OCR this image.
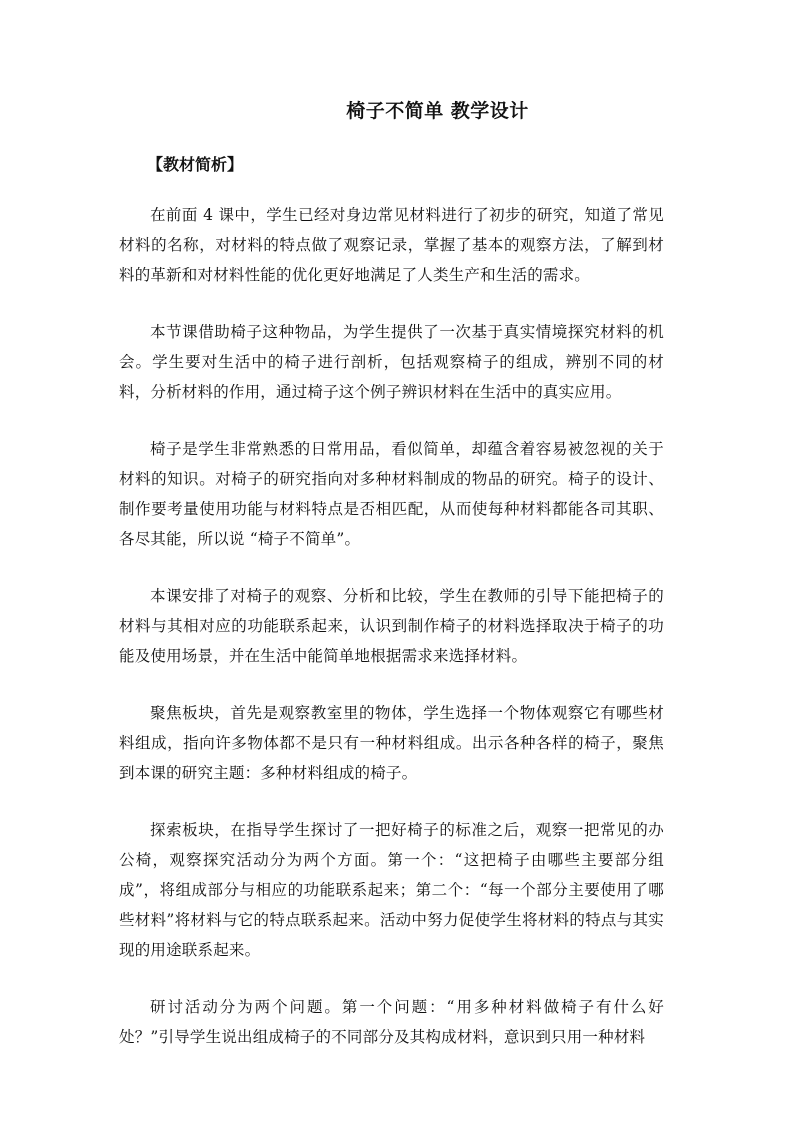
椅子不简单 教学设计
【教材简析】

在前面 4 课中，学生已经对身边常见材料进行了初步的研究，知道了常见材料的名称，对材料的特点做了观察记录，掌握了基本的观察方法，了解到材料的革新和对材料性能的优化更好地满足了人类生产和生活的需求。

本节课借助椅子这种物品，为学生提供了一次基于真实情境探究材料的机会。学生要对生活中的椅子进行剖析，包括观察椅子的组成，辨别不同的材料，分析材料的作用，通过椅子这个例子辨识材料在生活中的真实应用。

椅子是学生非常熟悉的日常用品，看似简单，却蕴含着容易被忽视的关于材料的知识。对椅子的研究指向对多种材料制成的物品的研究。椅子的设计、制作要考量使用功能与材料特点是否相匹配，从而使每种材料都能各司其职、各尽其能，所以说 “椅子不简单”。

本课安排了对椅子的观察、分析和比较，学生在教师的引导下能把椅子的材料与其相对应的功能联系起来，认识到制作椅子的材料选择取决于椅子的功能及使用场景，并在生活中能简单地根据需求来选择材料。

聚焦板块，首先是观察教室里的物体，学生选择一个物体观察它有哪些材料组成，指向许多物体都不是只有一种材料组成。出示各种各样的椅子，聚焦到本课的研究主题：多种材料组成的椅子。

探索板块，在指导学生探讨了一把好椅子的标准之后，观察一把常见的办公椅，观察探究活动分为两个方面。第一个：“这把椅子由哪些主要部分组成”，将组成部分与相应的功能联系起来；第二个：“每一个部分主要使用了哪些材料”将材料与它的特点联系起来。活动中努力促使学生将材料的特点与其实现的用途联系起来。

研讨活动分为两个问题。第一个问题：“用多种材料做椅子有什么好处？”引导学生说出组成椅子的不同部分及其构成材料，意识到只用一种材料
